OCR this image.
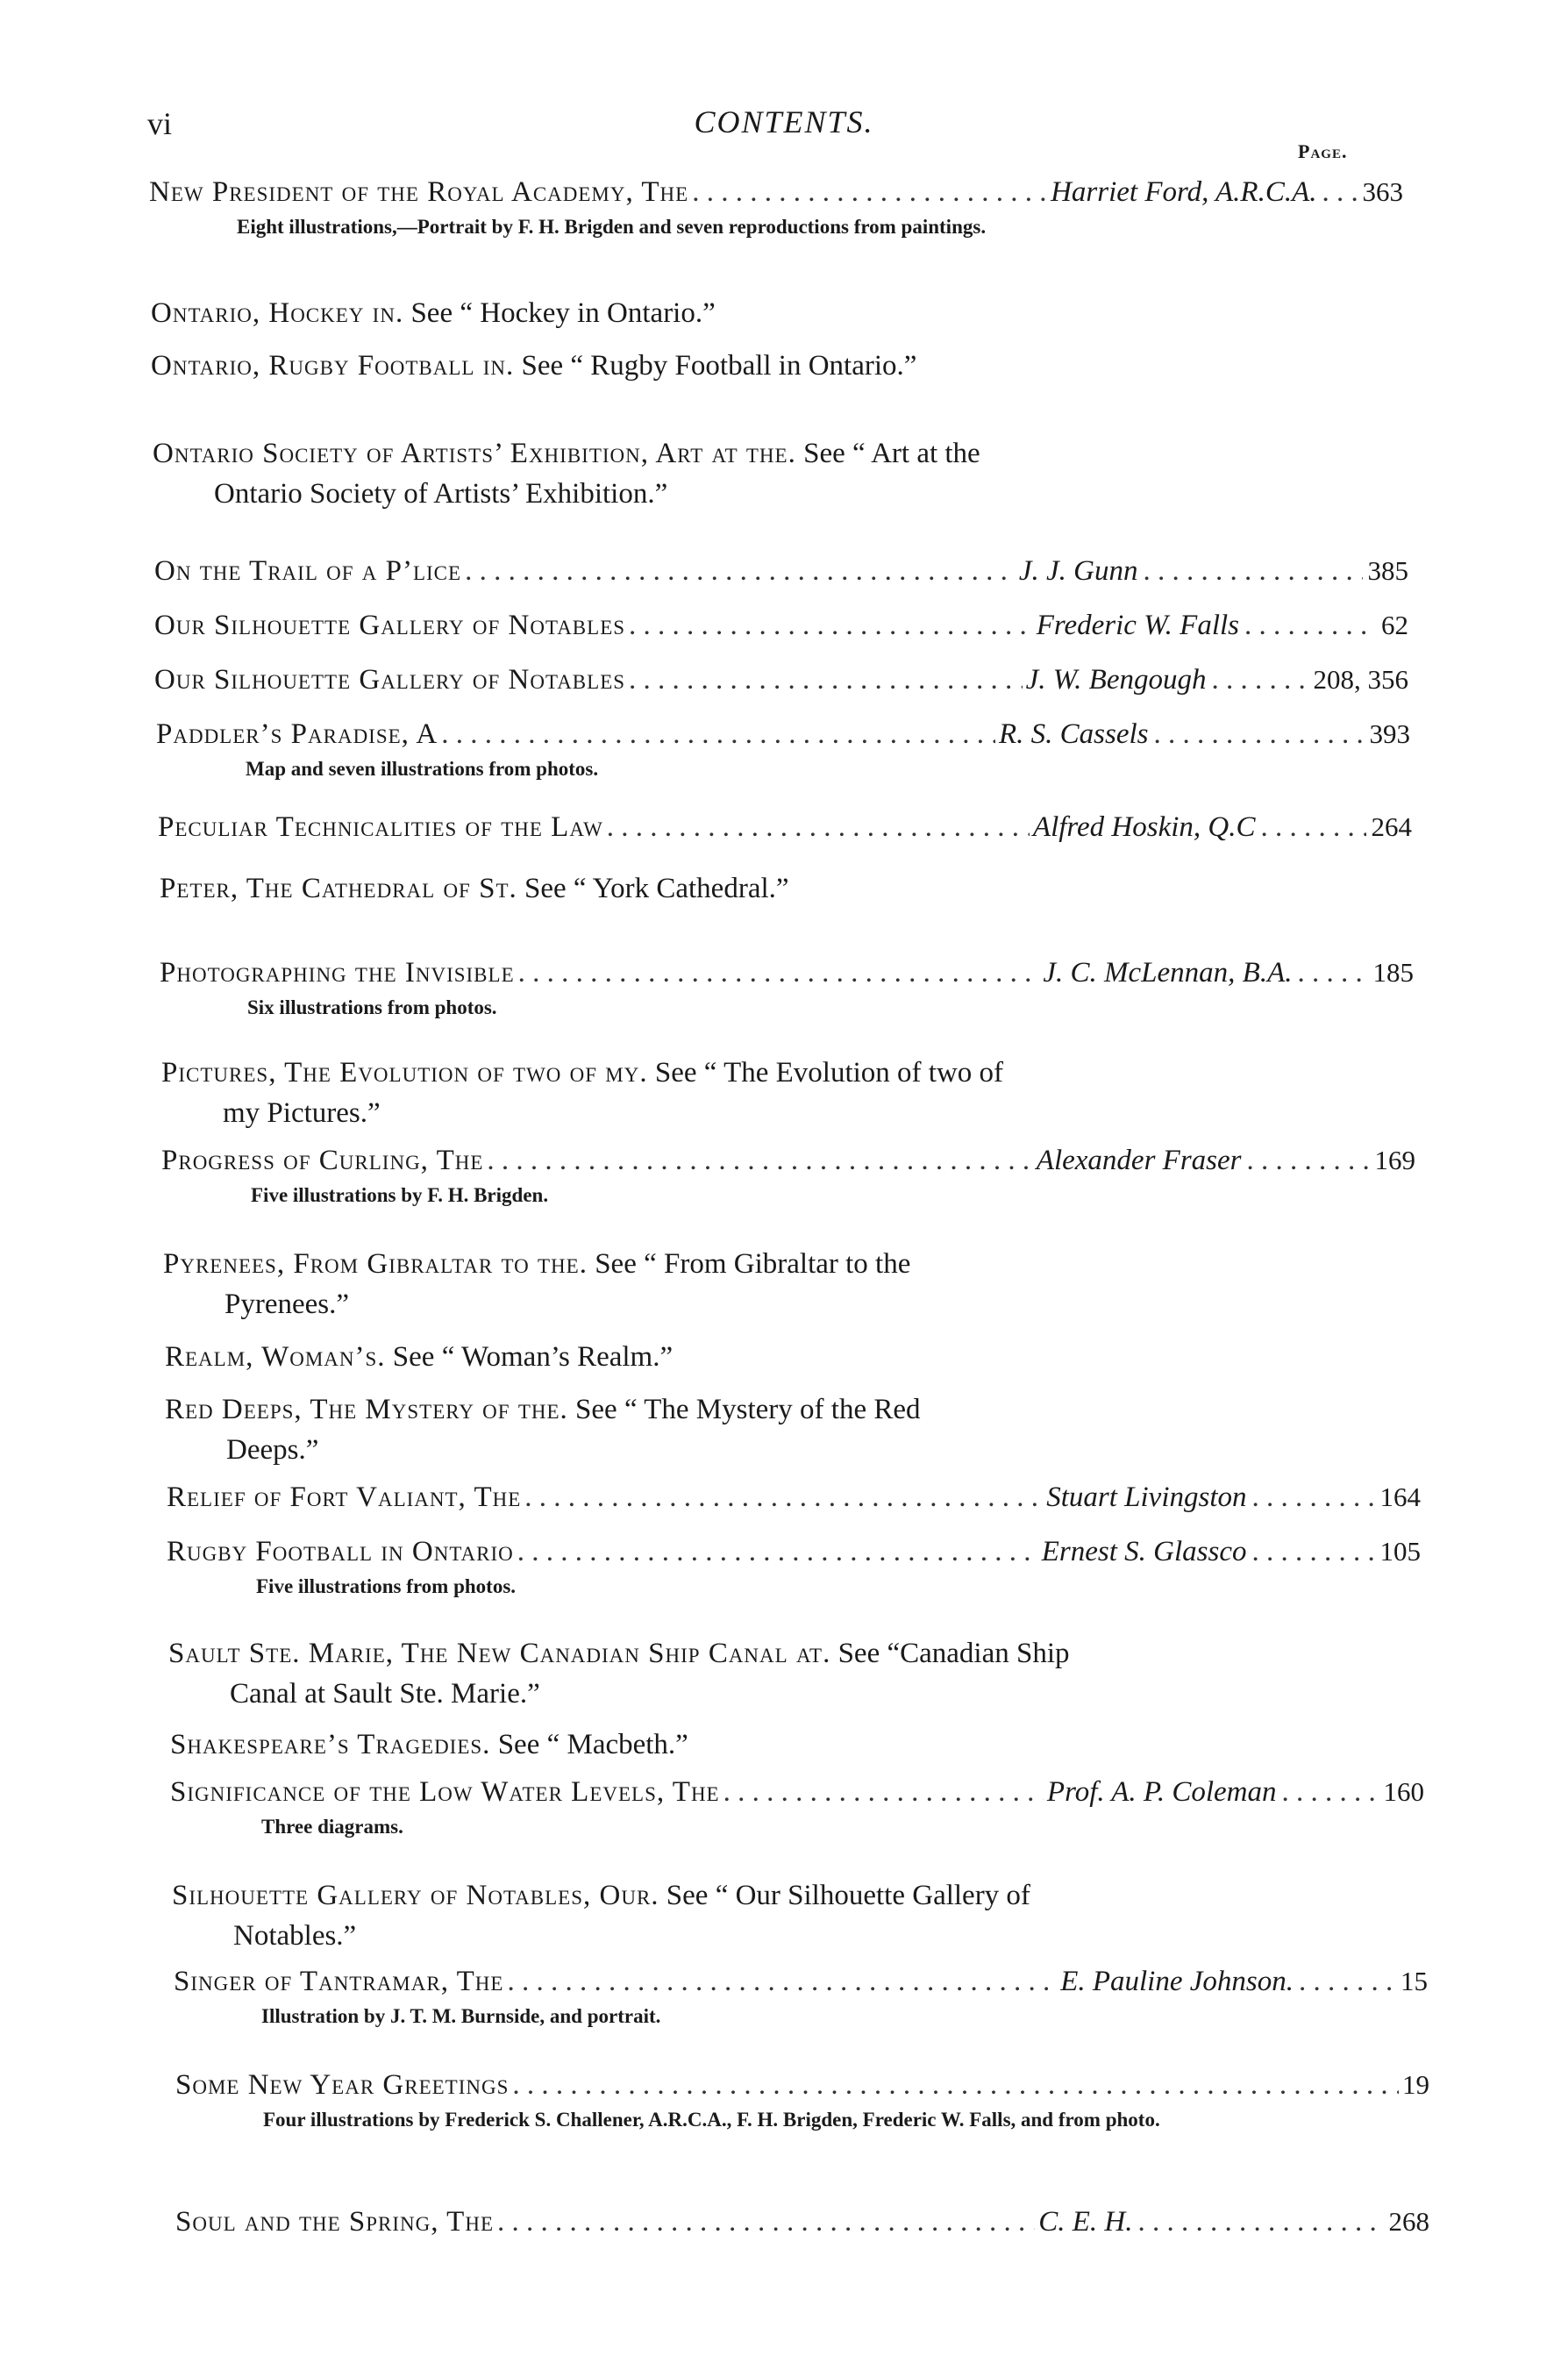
vi	CONTENTS.
Page.
New President of the Royal Academy, The . . .	Harriet Ford, A.R.C.A. . . . 363
Eight illustrations,—Portrait by F. H. Brigden and seven reproductions from paintings.
Ontario, Hockey in. See “ Hockey in Ontario.”
Ontario, Rugby Football in. See “ Rugby Football in Ontario.”
Ontario Society of Artists’ Exhibition, Art at the. See “ Art at the Ontario Society of Artists’ Exhibition.”
On the Trail of a P’lice . . .	J. J. Gunn . . .	385
Our Silhouette Gallery of Notables . . .	Frederic W. Falls . . .	62
Our Silhouette Gallery of Notables . . .	J. W. Bengough . . .	208, 356
Paddler’s Paradise, A . . .	R. S. Cassels . . .	393
Map and seven illustrations from photos.
Peculiar Technicalities of the Law . . .	Alfred Hoskin, Q.C . . .	264
Peter, The Cathedral of St. See “ York Cathedral.”
Photographing the Invisible . . .	J. C. McLennan, B.A. . . .	185
Six illustrations from photos.
Pictures, The Evolution of two of my. See “ The Evolution of two of my Pictures.”
Progress of Curling, The . . .	Alexander Fraser . . .	169
Five illustrations by F. H. Brigden.
Pyrenees, From Gibraltar to the. See “ From Gibraltar to the Pyrenees.”
Realm, Woman’s. See “ Woman’s Realm.”
Red Deeps, The Mystery of the. See “ The Mystery of the Red Deeps.”
Relief of Fort Valiant, The . . .	Stuart Livingston . . .	164
Rugby Football in Ontario . . .	Ernest S. Glassco . . .	105
Five illustrations from photos.
Sault Ste. Marie, The New Canadian Ship Canal at. See “Canadian Ship Canal at Sault Ste. Marie.”
Shakespeare’s Tragedies. See “ Macbeth.”
Significance of the Low Water Levels, The . . .	Prof. A. P. Coleman . . .	160
Three diagrams.
Silhouette Gallery of Notables, Our. See “ Our Silhouette Gallery of Notables.”
Singer of Tantramar, The . . .	E. Pauline Johnson. . . .	15
Illustration by J. T. M. Burnside, and portrait.
Some New Year Greetings . . .	19
Four illustrations by Frederick S. Challener, A.R.C.A., F. H. Brigden, Frederic W. Falls, and from photo.
Soul and the Spring, The . . .	C. E. H. . . .	268
